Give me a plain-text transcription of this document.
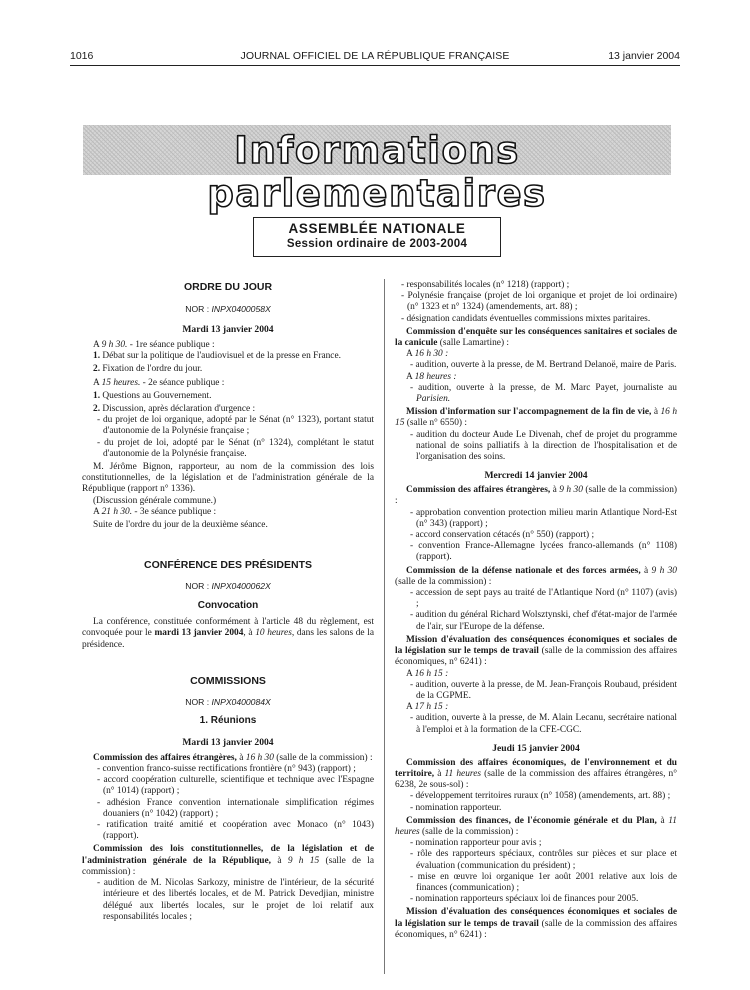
1016	JOURNAL OFFICIEL DE LA RÉPUBLIQUE FRANÇAISE	13 janvier 2004
Informations parlementaires
ASSEMBLÉE NATIONALE
Session ordinaire de 2003-2004

ORDRE DU JOUR

NOR : INPX0400058X

Mardi 13 janvier 2004

A 9 h 30. - 1re séance publique :

1. Débat sur la politique de l'audiovisuel et de la presse en France.

2. Fixation de l'ordre du jour.

A 15 heures. - 2e séance publique :

1. Questions au Gouvernement.

2. Discussion, après déclaration d'urgence :

- du projet de loi organique, adopté par le Sénat (n° 1323), portant statut d'autonomie de la Polynésie française ;

- du projet de loi, adopté par le Sénat (n° 1324), complétant le statut d'autonomie de la Polynésie française.

M. Jérôme Bignon, rapporteur, au nom de la commission des lois constitutionnelles, de la législation et de l'administration générale de la République (rapport n° 1336).

(Discussion générale commune.)

A 21 h 30. - 3e séance publique :

Suite de l'ordre du jour de la deuxième séance.

CONFÉRENCE DES PRÉSIDENTS

NOR : INPX0400062X

Convocation

La conférence, constituée conformément à l'article 48 du règlement, est convoquée pour le mardi 13 janvier 2004, à 10 heures, dans les salons de la présidence.

COMMISSIONS

NOR : INPX0400084X

1. Réunions

Mardi 13 janvier 2004

Commission des affaires étrangères, à 16 h 30 (salle de la commission) :

- convention franco-suisse rectifications frontière (n° 943) (rapport) ;

- accord coopération culturelle, scientifique et technique avec l'Espagne (n° 1014) (rapport) ;

- adhésion France convention internationale simplification régimes douaniers (n° 1042) (rapport) ;

- ratification traité amitié et coopération avec Monaco (n° 1043) (rapport).

Commission des lois constitutionnelles, de la législation et de l'administration générale de la République, à 9 h 15 (salle de la commission) :

- audition de M. Nicolas Sarkozy, ministre de l'intérieur, de la sécurité intérieure et des libertés locales, et de M. Patrick Devedjian, ministre délégué aux libertés locales, sur le projet de loi relatif aux responsabilités locales ;

- responsabilités locales (n° 1218) (rapport) ;

- Polynésie française (projet de loi organique et projet de loi ordinaire) (n° 1323 et n° 1324) (amendements, art. 88) ;

- désignation candidats éventuelles commissions mixtes paritaires.

Commission d'enquête sur les conséquences sanitaires et sociales de la canicule (salle Lamartine) :

A 16 h 30 :

- audition, ouverte à la presse, de M. Bertrand Delanoë, maire de Paris.

A 18 heures :

- audition, ouverte à la presse, de M. Marc Payet, journaliste au Parisien.

Mission d'information sur l'accompagnement de la fin de vie, à 16 h 15 (salle n° 6550) :

- audition du docteur Aude Le Divenah, chef de projet du programme national de soins palliatifs à la direction de l'hospitalisation et de l'organisation des soins.

Mercredi 14 janvier 2004

Commission des affaires étrangères, à 9 h 30 (salle de la commission) :

- approbation convention protection milieu marin Atlantique Nord-Est (n° 343) (rapport) ;

- accord conservation cétacés (n° 550) (rapport) ;

- convention France-Allemagne lycées franco-allemands (n° 1108) (rapport).

Commission de la défense nationale et des forces armées, à 9 h 30 (salle de la commission) :

- accession de sept pays au traité de l'Atlantique Nord (n° 1107) (avis) ;

- audition du général Richard Wolsztynski, chef d'état-major de l'armée de l'air, sur l'Europe de la défense.

Mission d'évaluation des conséquences économiques et sociales de la législation sur le temps de travail (salle de la commission des affaires économiques, n° 6241) :

A 16 h 15 :

- audition, ouverte à la presse, de M. Jean-François Roubaud, président de la CGPME.

A 17 h 15 :

- audition, ouverte à la presse, de M. Alain Lecanu, secrétaire national à l'emploi et à la formation de la CFE-CGC.

Jeudi 15 janvier 2004

Commission des affaires économiques, de l'environnement et du territoire, à 11 heures (salle de la commission des affaires étrangères, n° 6238, 2e sous-sol) :

- développement territoires ruraux (n° 1058) (amendements, art. 88) ;

- nomination rapporteur.

Commission des finances, de l'économie générale et du Plan, à 11 heures (salle de la commission) :

- nomination rapporteur pour avis ;

- rôle des rapporteurs spéciaux, contrôles sur pièces et sur place et évaluation (communication du président) ;

- mise en œuvre loi organique 1er août 2001 relative aux lois de finances (communication) ;

- nomination rapporteurs spéciaux loi de finances pour 2005.

Mission d'évaluation des conséquences économiques et sociales de la législation sur le temps de travail (salle de la commission des affaires économiques, n° 6241) :
